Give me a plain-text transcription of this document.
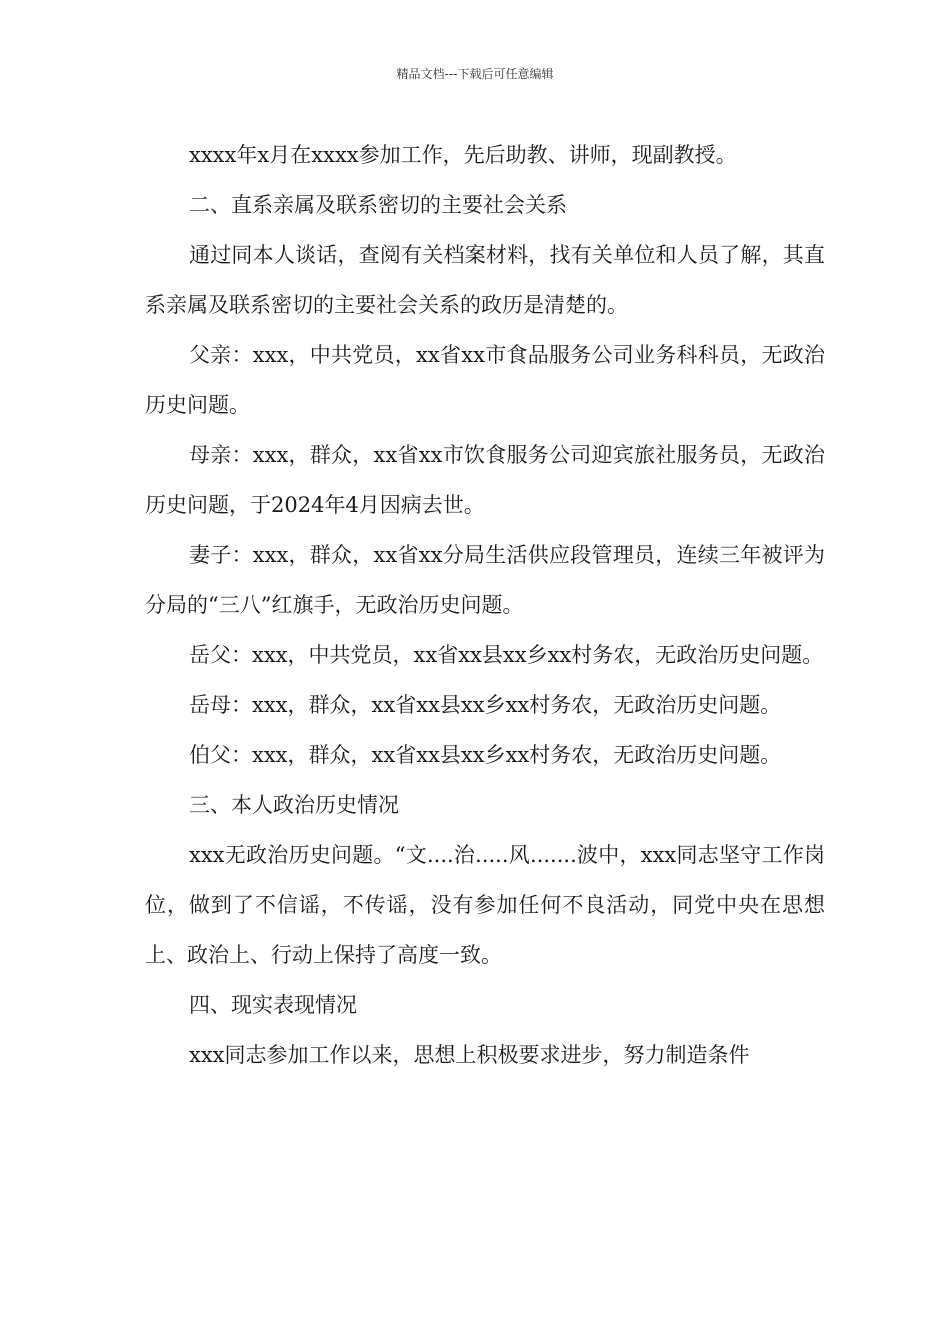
精品文档---下载后可任意编辑

xxxx年x月在xxxx参加工作，先后助教、讲师，现副教授。

二、直系亲属及联系密切的主要社会关系

通过同本人谈话，查阅有关档案材料，找有关单位和人员了解，其直系亲属及联系密切的主要社会关系的政历是清楚的。

父亲：xxx，中共党员，xx省xx市食品服务公司业务科科员，无政治历史问题。

母亲：xxx，群众，xx省xx市饮食服务公司迎宾旅社服务员，无政治历史问题，于2024年4月因病去世。

妻子：xxx，群众，xx省xx分局生活供应段管理员，连续三年被评为分局的“三八”红旗手，无政治历史问题。

岳父：xxx，中共党员，xx省xx县xx乡xx村务农，无政治历史问题。

岳母：xxx，群众，xx省xx县xx乡xx村务农，无政治历史问题。

伯父：xxx，群众，xx省xx县xx乡xx村务农，无政治历史问题。

三、本人政治历史情况

xxx无政治历史问题。“文....治.....风.......波中，xxx同志坚守工作岗位，做到了不信谣，不传谣，没有参加任何不良活动，同党中央在思想上、政治上、行动上保持了高度一致。

四、现实表现情况

xxx同志参加工作以来，思想上积极要求进步，努力制造条件
